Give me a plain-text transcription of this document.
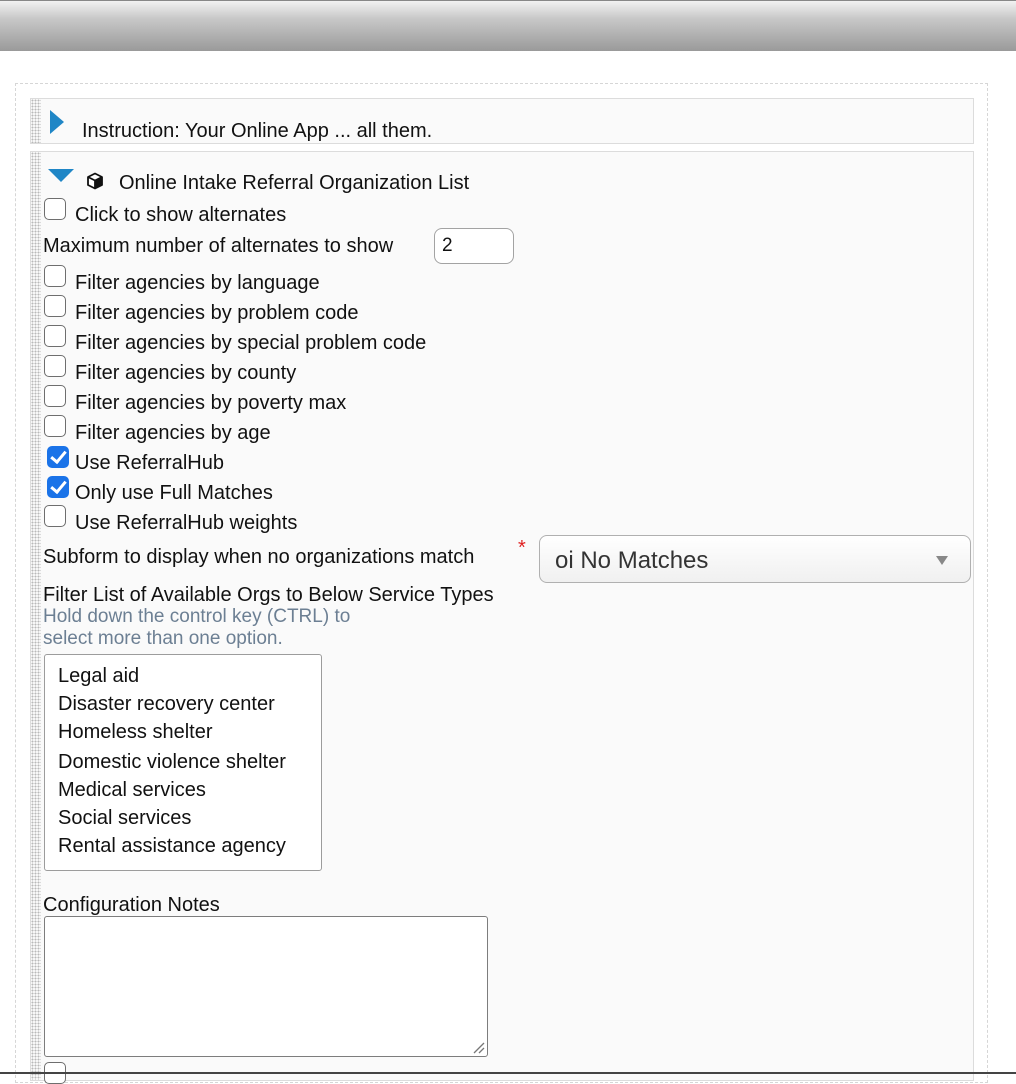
Instruction: Your Online App ... all them.
Online Intake Referral Organization List
Click to show alternates
Maximum number of alternates to show
2
Filter agencies by language
Filter agencies by problem code
Filter agencies by special problem code
Filter agencies by county
Filter agencies by poverty max
Filter agencies by age
Use ReferralHub
Only use Full Matches
Use ReferralHub weights
Subform to display when no organizations match * oi No Matches
Filter List of Available Orgs to Below Service Types
Hold down the control key (CTRL) to
select more than one option.
Legal aid
Disaster recovery center
Homeless shelter
Domestic violence shelter
Medical services
Social services
Rental assistance agency
Configuration Notes
